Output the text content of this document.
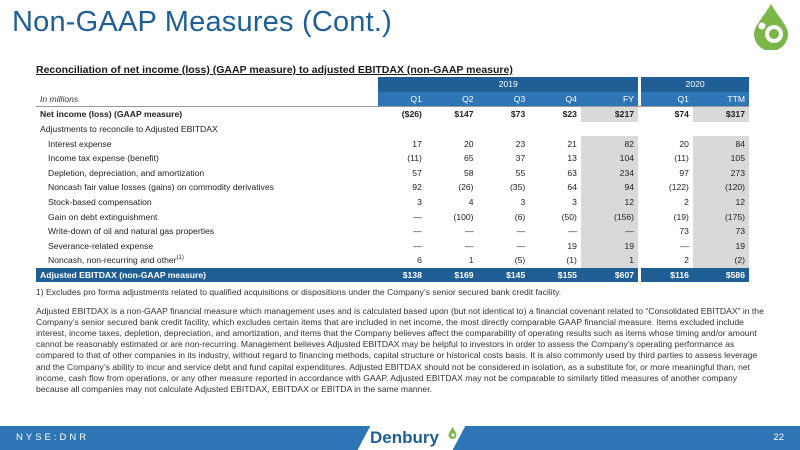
Non-GAAP Measures (Cont.)
Reconciliation of net income (loss) (GAAP measure) to adjusted EBITDAX (non-GAAP measure)
	2019						2020	
In millions	Q1	Q2	Q3	Q4	FY		Q1	TTM
Net income (loss) (GAAP measure)	($26)	$147	$73	$23	$217		$74	$317
Adjustments to reconcile to Adjusted EBITDAX								
Interest expense	17	20	23	21	82		20	84
Income tax expense (benefit)	(11)	65	37	13	104		(11)	105
Depletion, depreciation, and amortization	57	58	55	63	234		97	273
Noncash fair value losses (gains) on commodity derivatives	92	(26)	(35)	64	94		(122)	(120)
Stock-based compensation	3	4	3	3	12		2	12
Gain on debt extinguishment	—	(100)	(6)	(50)	(156)		(19)	(175)
Write-down of oil and natural gas properties	—	—	—	—	—		73	73
Severance-related expense	—	—	—	19	19		—	19
Noncash, non-recurring and other$^{(1)}$	6	1	(5)	(1)	1		2	(2)
Adjusted EBITDAX (non-GAAP measure)	$138	$169	$145	$155	$607		$116	$586

1) Excludes pro forma adjustments related to qualified acquisitions or dispositions under the Company’s senior secured bank credit facility.

Adjusted EBITDAX is a non-GAAP financial measure which management uses and is calculated based upon (but not identical to) a financial covenant related to “Consolidated EBITDAX” in the Company’s senior secured bank credit facility, which excludes certain items that are included in net income, the most directly comparable GAAP financial measure. Items excluded include interest, income taxes, depletion, depreciation, and amortization, and items that the Company believes affect the comparability of operating results such as items whose timing and/or amount cannot be reasonably estimated or are non-recurring. Management believes Adjusted EBITDAX may be helpful to investors in order to assess the Company’s operating performance as compared to that of other companies in its industry, without regard to financing methods, capital structure or historical costs basis. It is also commonly used by third parties to assess leverage and the Company’s ability to incur and service debt and fund capital expenditures. Adjusted EBITDAX should not be considered in isolation, as a substitute for, or more meaningful than, net income, cash flow from operations, or any other measure reported in accordance with GAAP. Adjusted EBITDAX may not be comparable to similarly titled measures of another company because all companies may not calculate Adjusted EBITDAX, EBITDAX or EBITDA in the same manner.

NYSE:DNR	22
Denbury
